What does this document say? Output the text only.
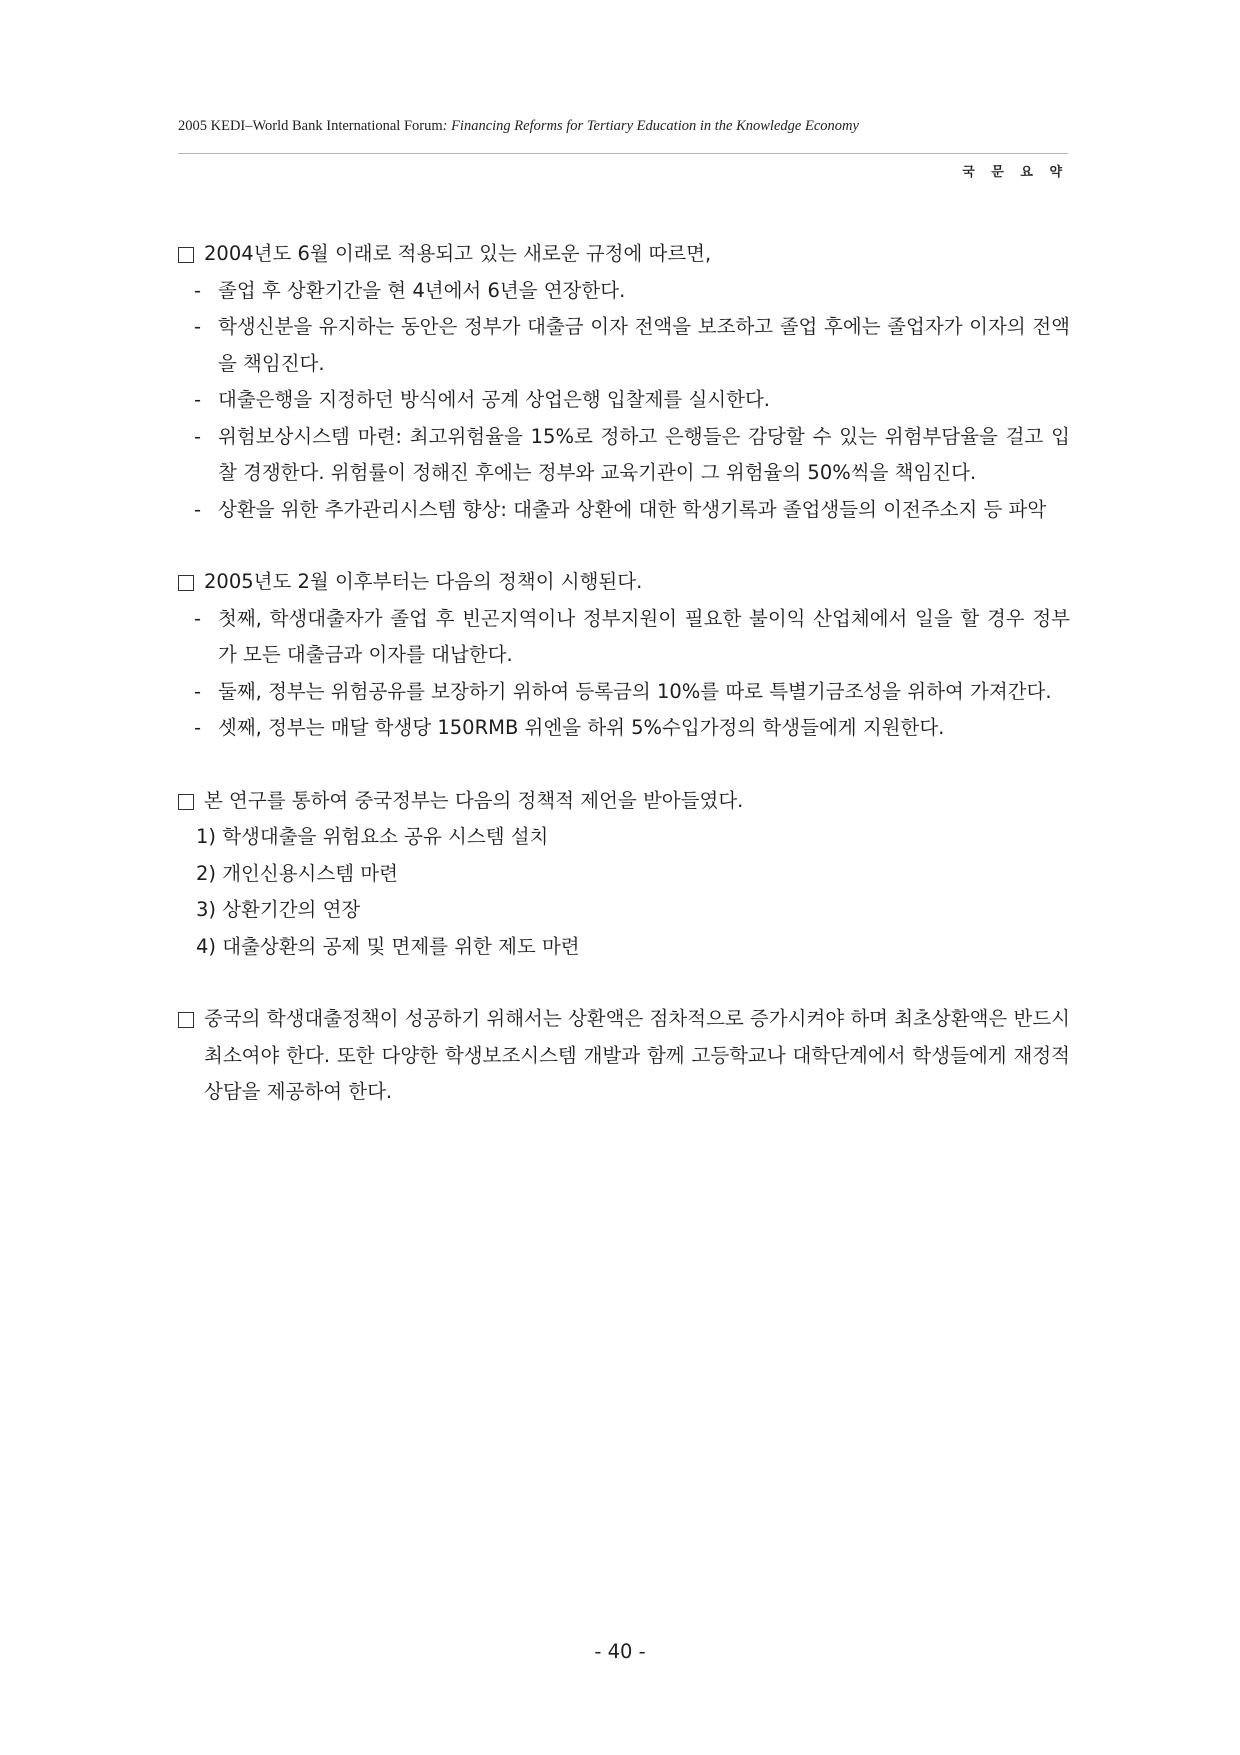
2005 KEDI–World Bank International Forum: Financing Reforms for Tertiary Education in the Knowledge Economy
국 문 요 약
2004년도 6월 이래로 적용되고 있는 새로운 규정에 따르면,
- 졸업 후 상환기간을 현 4년에서 6년을 연장한다.
- 학생신분을 유지하는 동안은 정부가 대출금 이자 전액을 보조하고 졸업 후에는 졸업자가 이자의 전액을 책임진다.
- 대출은행을 지정하던 방식에서 공계 상업은행 입찰제를 실시한다.
- 위험보상시스템 마련: 최고위험율을 15%로 정하고 은행들은 감당할 수 있는 위험부담율을 걸고 입찰 경쟁한다. 위험률이 정해진 후에는 정부와 교육기관이 그 위험율의 50%씩을 책임진다.
- 상환을 위한 추가관리시스템 향상: 대출과 상환에 대한 학생기록과 졸업생들의 이전주소지 등 파악
2005년도 2월 이후부터는 다음의 정책이 시행된다.
- 첫째, 학생대출자가 졸업 후 빈곤지역이나 정부지원이 필요한 불이익 산업체에서 일을 할 경우 정부가 모든 대출금과 이자를 대납한다.
- 둘째, 정부는 위험공유를 보장하기 위하여 등록금의 10%를 따로 특별기금조성을 위하여 가져간다.
- 셋째, 정부는 매달 학생당 150RMB 위엔을 하위 5%수입가정의 학생들에게 지원한다.
본 연구를 통하여 중국정부는 다음의 정책적 제언을 받아들였다.
1) 학생대출을 위험요소 공유 시스템 설치
2) 개인신용시스템 마련
3) 상환기간의 연장
4) 대출상환의 공제 및 면제를 위한 제도 마련
중국의 학생대출정책이 성공하기 위해서는 상환액은 점차적으로 증가시켜야 하며 최초상환액은 반드시 최소여야 한다. 또한 다양한 학생보조시스템 개발과 함께 고등학교나 대학단계에서 학생들에게 재정적 상담을 제공하여 한다.
- 40 -
